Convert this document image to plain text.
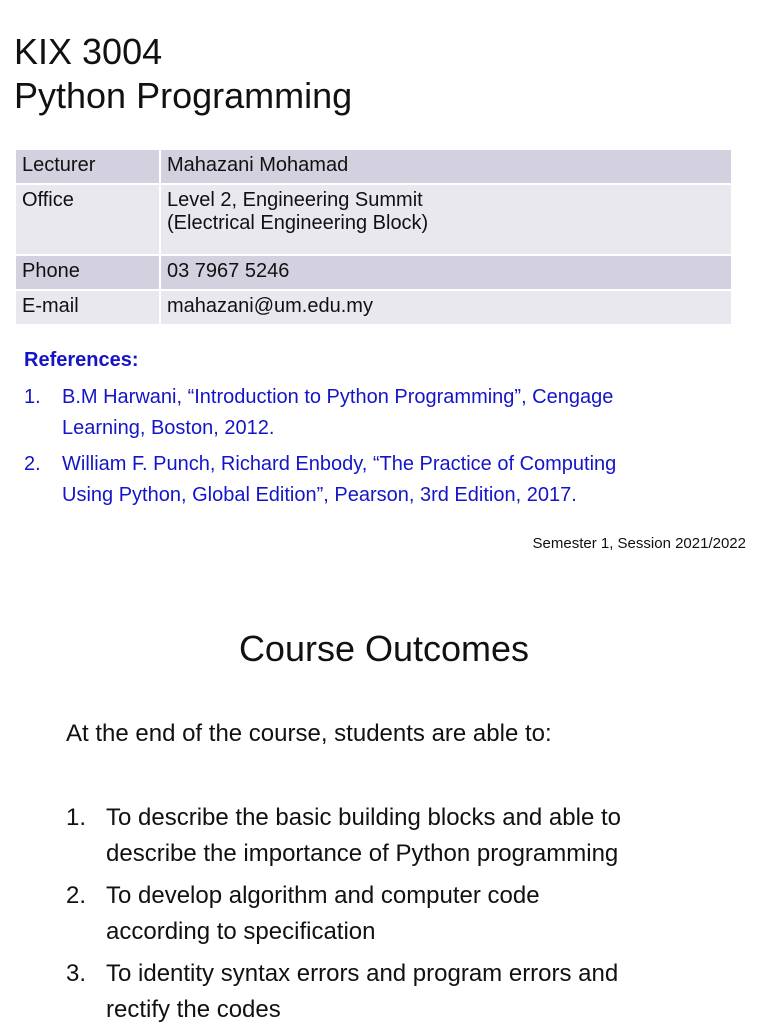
KIX 3004
Python Programming
Lecturer	Mahazani Mohamad

Office	Level 2, Engineering Summit
(Electrical Engineering Block)

Phone	03 7967 5246

E-mail	mahazani@um.edu.my
References:
1. B.M Harwani, “Introduction to Python Programming”, Cengage
Learning, Boston, 2012.
2. William F. Punch, Richard Enbody, “The Practice of Computing
Using Python, Global Edition”, Pearson, 3rd Edition, 2017.
Semester 1, Session 2021/2022
Course Outcomes
At the end of the course, students are able to:
1. To describe the basic building blocks and able to
describe the importance of Python programming
2. To develop algorithm and computer code
according to specification
3. To identity syntax errors and program errors and
rectify the codes
